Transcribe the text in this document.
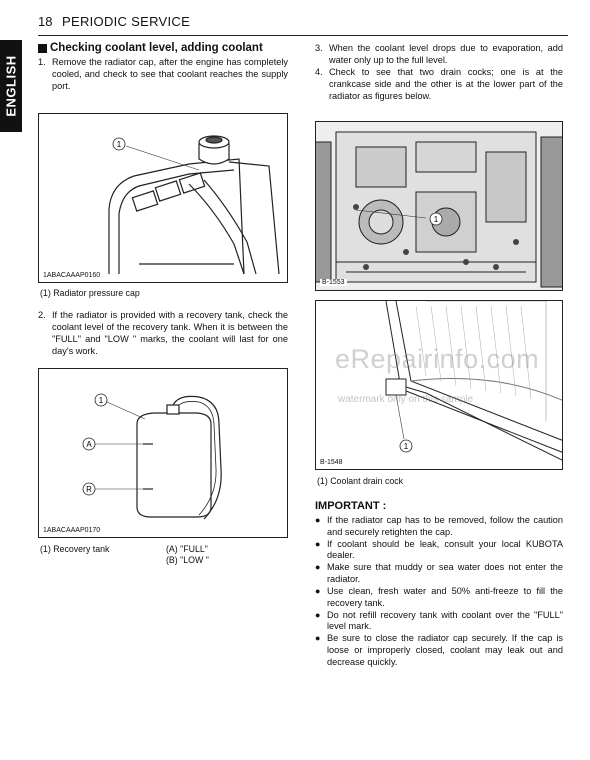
18 PERIODIC SERVICE
ENGLISH
Checking coolant level, adding coolant
1. Remove the radiator cap, after the engine has completely cooled, and check to see that coolant reaches the supply port.
1
1ABACAAAP0160
(1) Radiator pressure cap
2. If the radiator is provided with a recovery tank, check the coolant level of the recovery tank. When it is between the "FULL" and "LOW " marks, the coolant will last for one day's work.
1
A
R
1ABACAAAP0170
(1) Recovery tank	(A) "FULL"
(B) "LOW "
3. When the coolant level drops due to evaporation, add water only up to the full level.
4. Check to see that two drain cocks; one is at the crankcase side and the other is at the lower part of the radiator as figures below.
1
B-1553
1
B-1548
(1) Coolant drain cock
eRepairinfo.com
watermark only on this sample
IMPORTANT :
● If the radiator cap has to be removed, follow the caution and securely retighten the cap.
● If coolant should be leak, consult your local KUBOTA dealer.
● Make sure that muddy or sea water does not enter the radiator.
● Use clean, fresh water and 50% anti-freeze to fill the recovery tank.
● Do not refill recovery tank with coolant over the "FULL" level mark.
● Be sure to close the radiator cap securely. If the cap is loose or improperly closed, coolant may leak out and decrease quickly.
